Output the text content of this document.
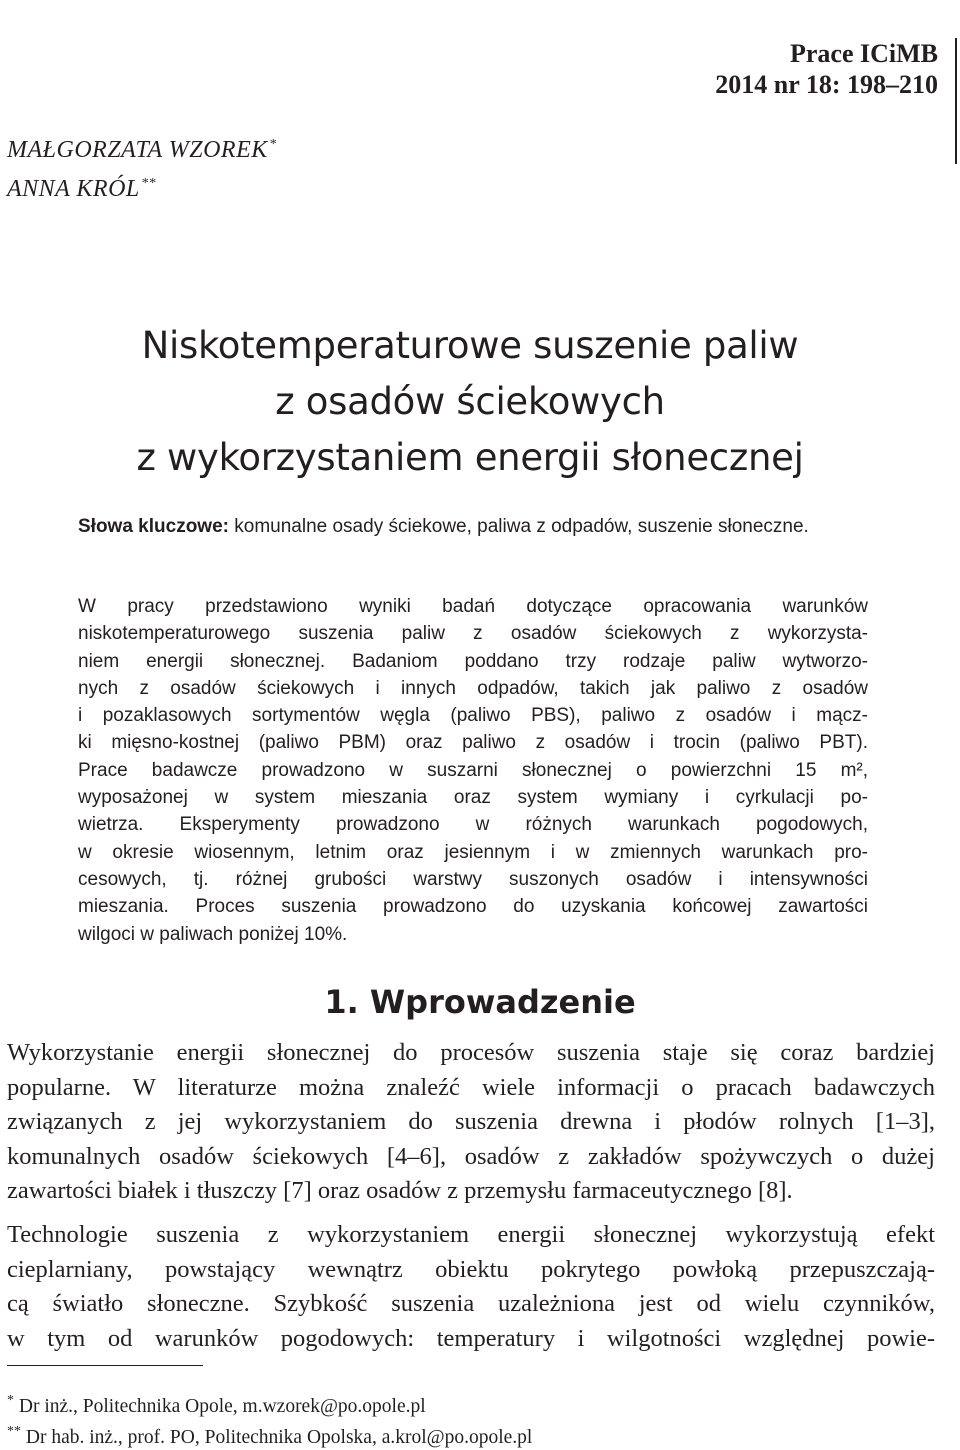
Prace ICiMB
2014 nr 18: 198–210
MAŁGORZATA WZOREK *
ANNA KRÓL **
Niskotemperaturowe suszenie paliw
z osadów ściekowych
z wykorzystaniem energii słonecznej
Słowa kluczowe: komunalne osady ściekowe, paliwa z odpadów, suszenie słoneczne.
W pracy przedstawiono wyniki badań dotyczące opracowania warunków
niskotemperaturowego suszenia paliw z osadów ściekowych z wykorzysta-
niem energii słonecznej. Badaniom poddano trzy rodzaje paliw wytworzo-
nych z osadów ściekowych i innych odpadów, takich jak paliwo z osadów
i pozaklasowych sortymentów węgla (paliwo PBS), paliwo z osadów i mącz-
ki mięsno-kostnej (paliwo PBM) oraz paliwo z osadów i trocin (paliwo PBT).
Prace badawcze prowadzono w suszarni słonecznej o powierzchni 15 m²,
wyposażonej w system mieszania oraz system wymiany i cyrkulacji po-
wietrza. Eksperymenty prowadzono w różnych warunkach pogodowych,
w okresie wiosennym, letnim oraz jesiennym i w zmiennych warunkach pro-
cesowych, tj. różnej grubości warstwy suszonych osadów i intensywności
mieszania. Proces suszenia prowadzono do uzyskania końcowej zawartości
wilgoci w paliwach poniżej 10%.
1. Wprowadzenie
Wykorzystanie energii słonecznej do procesów suszenia staje się coraz bardziej
popularne. W literaturze można znaleźć wiele informacji o pracach badawczych
związanych z jej wykorzystaniem do suszenia drewna i płodów rolnych [1–3],
komunalnych osadów ściekowych [4–6], osadów z zakładów spożywczych o dużej
zawartości białek i tłuszczy [7] oraz osadów z przemysłu farmaceutycznego [8].
Technologie suszenia z wykorzystaniem energii słonecznej wykorzystują efekt
cieplarniany, powstający wewnątrz obiektu pokrytego powłoką przepuszczają-
cą światło słoneczne. Szybkość suszenia uzależniona jest od wielu czynników,
w tym od warunków pogodowych: temperatury i wilgotności względnej powie-
* Dr inż., Politechnika Opole, m.wzorek@po.opole.pl
** Dr hab. inż., prof. PO, Politechnika Opolska, a.krol@po.opole.pl
